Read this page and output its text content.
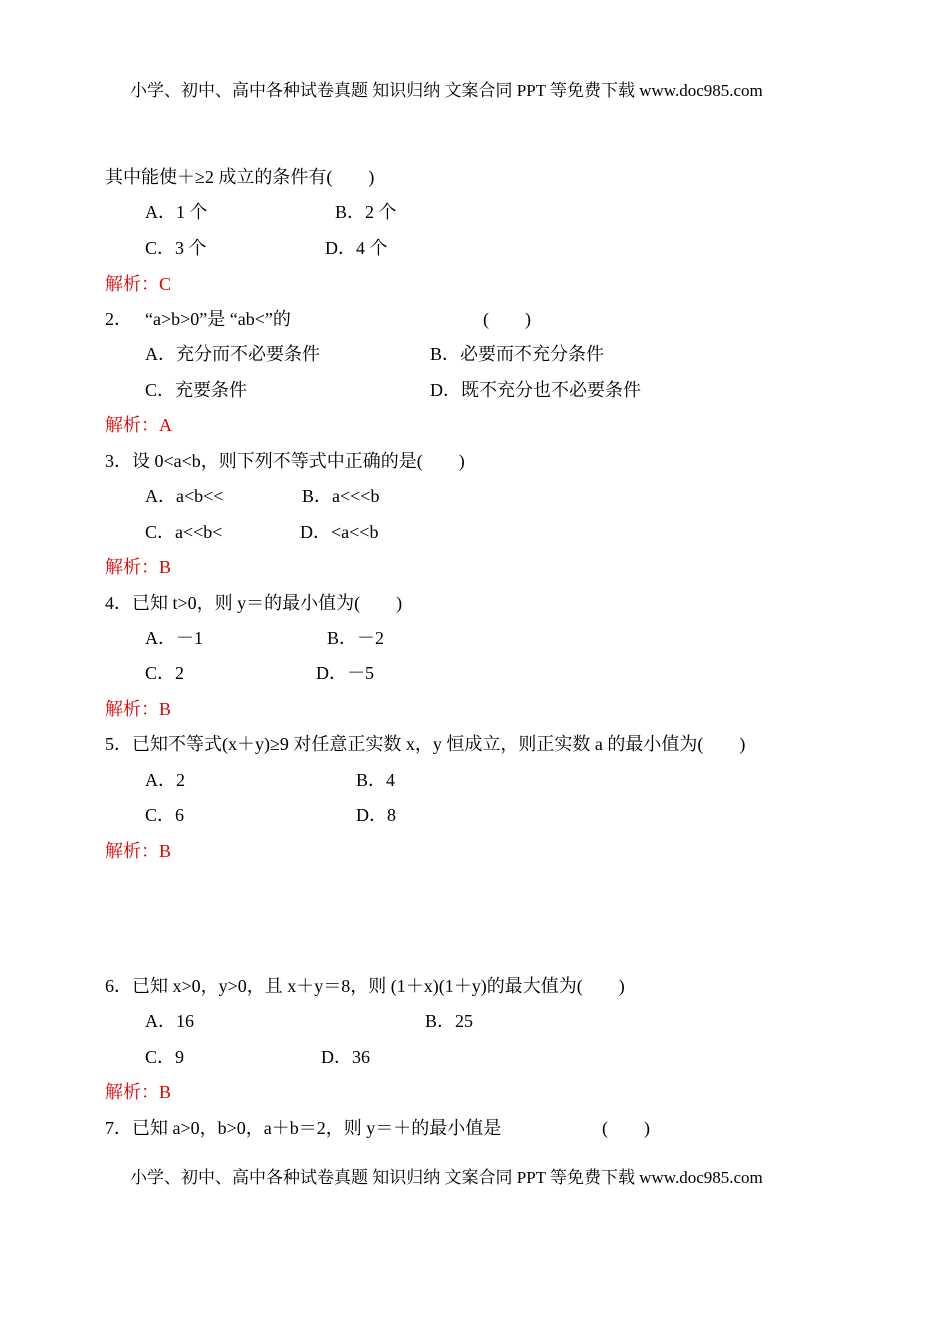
小学、初中、高中各种试卷真题 知识归纳 文案合同 PPT 等免费下载 www.doc985.com
其中能使＋≥2 成立的条件有(　　)
A．1 个	B．2 个
C．3 个	D．4 个
解析：C
2． “a>b>0”是 “ab<”的	(　　)
A．充分而不必要条件	B．必要而不充分条件
C．充要条件	D．既不充分也不必要条件
解析：A
3．设 0<a<b，则下列不等式中正确的是(　　)
A．a<b<<	B．a<<<b
C．a<<b<	D．<a<<b
解析：B
4．已知 t>0，则 y＝的最小值为(　　)
A．－1	B．－2
C．2	D．－5
解析：B
5．已知不等式(x＋y)≥9 对任意正实数 x，y 恒成立，则正实数 a 的最小值为(　　)
A．2	B．4
C．6	D．8
解析：B
6．已知 x>0，y>0，且 x＋y＝8，则 (1＋x)(1＋y)的最大值为(　　)
A．16	B．25
C．9	D．36
解析：B
7．已知 a>0，b>0，a＋b＝2，则 y＝＋的最小值是	(　　)
小学、初中、高中各种试卷真题 知识归纳 文案合同 PPT 等免费下载 www.doc985.com
